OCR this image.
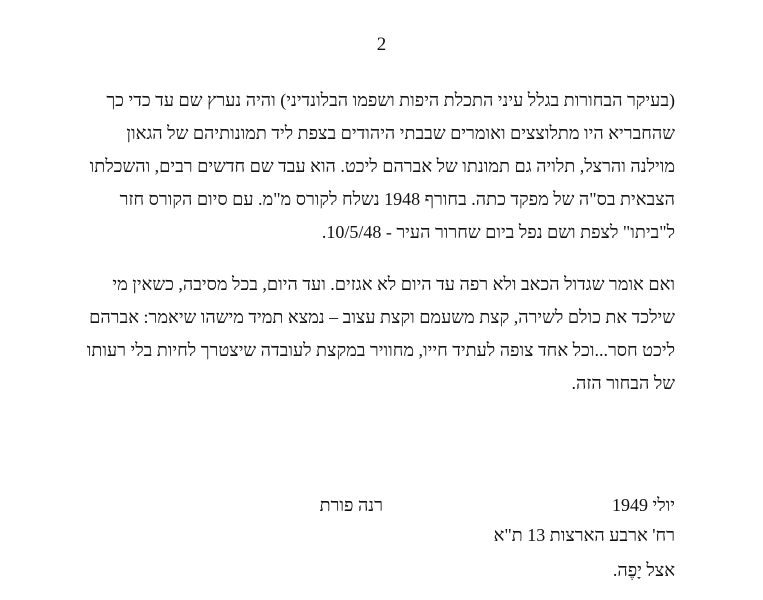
2
(בעיקר הבחורות בגלל עיני התכלת היפות ושפמו הבלונדיני) והיה נערץ שם עד כדי כך
שהחבריא היו מתלוצצים ואומרים שבבתי היהודים בצפת ליד תמונותיהם של הגאון
מוילנה והרצל, תלויה גם תמונתו של אברהם ליכט. הוא עבד שם חדשים רבים, והשכלתו
הצבאית בס"ה של מפקד כתה. בחורף 1948 נשלח לקורס מ"מ. עם סיום הקורס חזר
ל"ביתו" לצפת ושם נפל ביום שחרור העיר - 10/5/48.
ואם אומר שגדול הכאב ולא רפה עד היום לא אגזים. ועד היום, בכל מסיבה, כשאין מי
שילכד את כולם לשירה, קצת משעמם וקצת עצוב – נמצא תמיד מישהו שיאמר: אברהם
ליכט חסר...וכל אחד צופה לעתיד חייו, מחוויר במקצת לעובדה שיצטרך לחיות בלי רעותו
של הבחור הזה.
יולי 1949
רנה פורת
רח' ארבע הארצות 13 ת"א
אצל יָפֶה.
